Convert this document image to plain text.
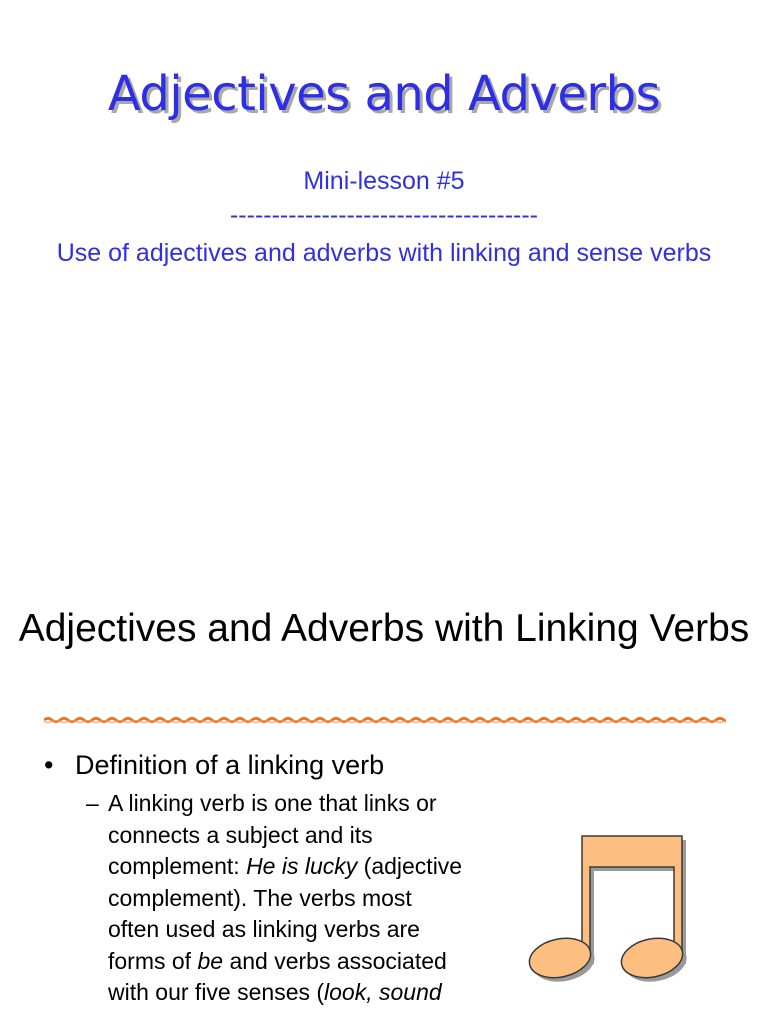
Adjectives and Adverbs
Mini-lesson #5
-------------------------------------
Use of adjectives and adverbs with linking and sense verbs
Adjectives and Adverbs with Linking Verbs
• Definition of a linking verb
– A linking verb is one that links or connects a subject and its complement: He is lucky (adjective complement). The verbs most often used as linking verbs are forms of be and verbs associated with our five senses (look, sound
